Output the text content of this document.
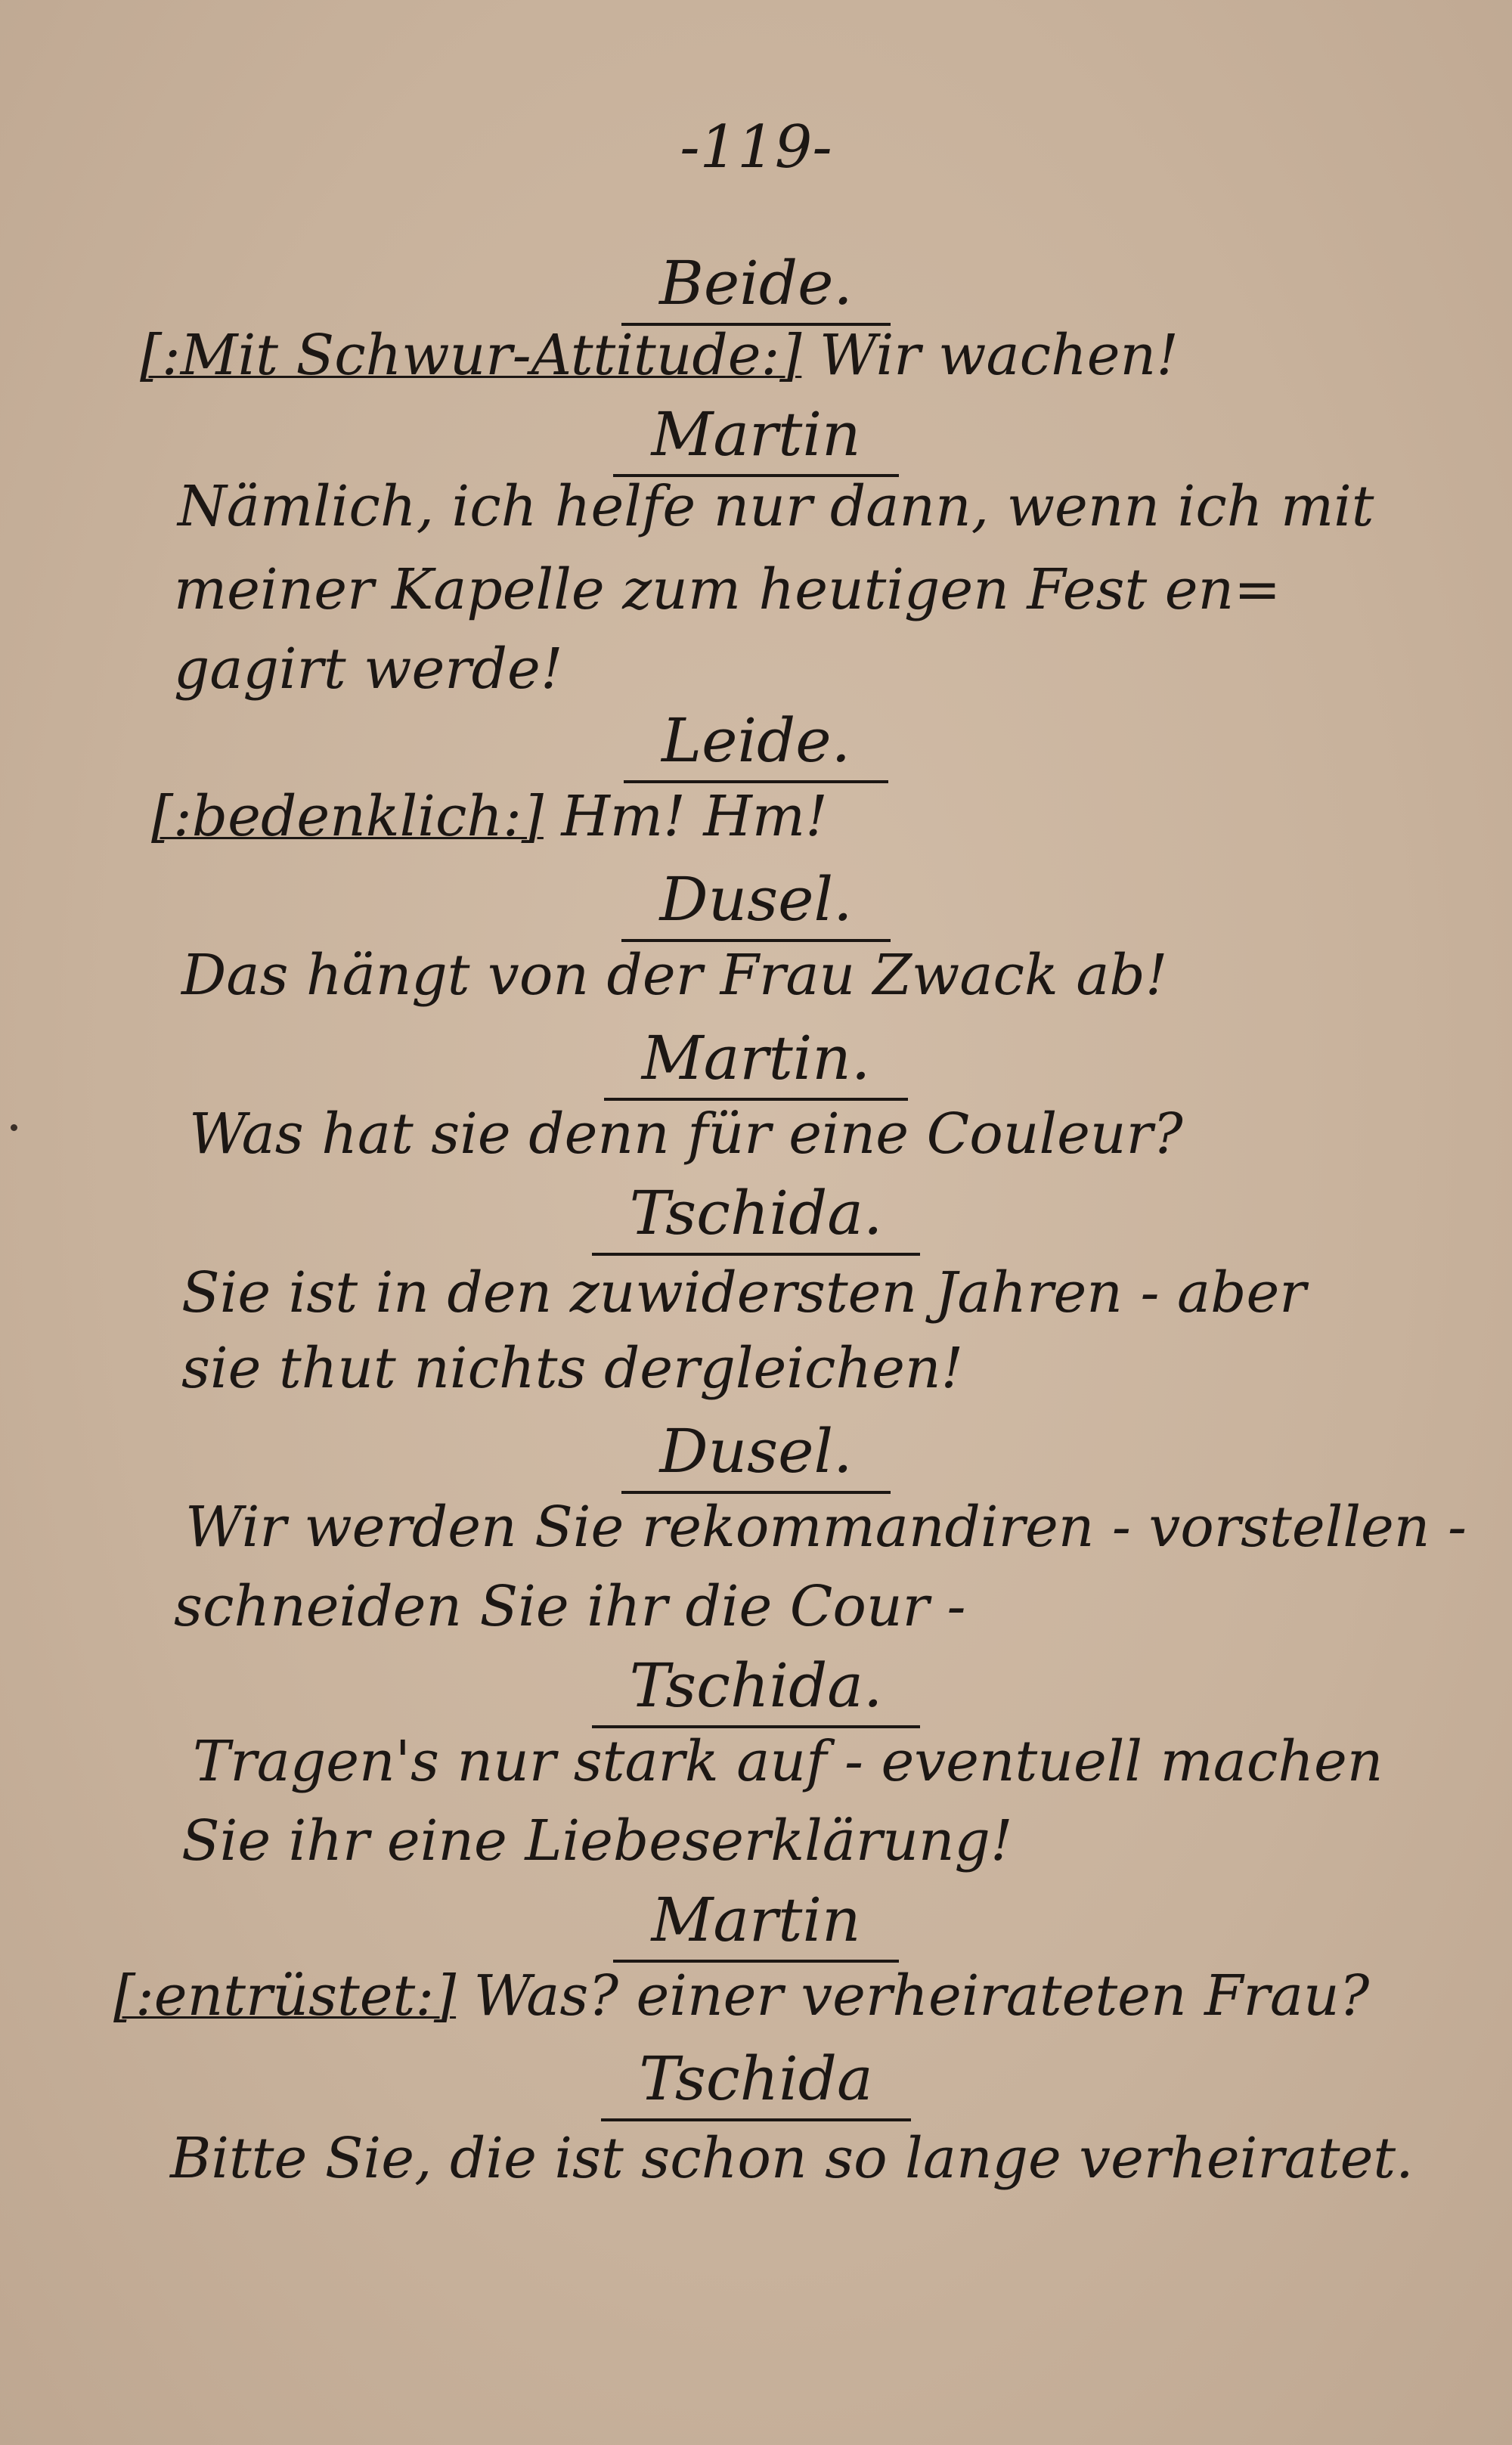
-119-
Beide.
[:Mit Schwur-Attitude:] Wir wachen!
Martin
Nämlich, ich helfe nur dann, wenn ich mit
meiner Kapelle zum heutigen Fest en=
gagirt werde!
Leide.
[:bedenklich:] Hm! Hm!
Dusel.
Das hängt von der Frau Zwack ab!
Martin.
Was hat sie denn für eine Couleur?
Tschida.
Sie ist in den zuwidersten Jahren - aber
sie thut nichts dergleichen!
Dusel.
Wir werden Sie rekommandiren - vorstellen -
schneiden Sie ihr die Cour -
Tschida.
Tragen's nur stark auf - eventuell machen
Sie ihr eine Liebeserklärung!
Martin
[:entrüstet:] Was? einer verheirateten Frau?
Tschida
Bitte Sie, die ist schon so lange verheiratet.
